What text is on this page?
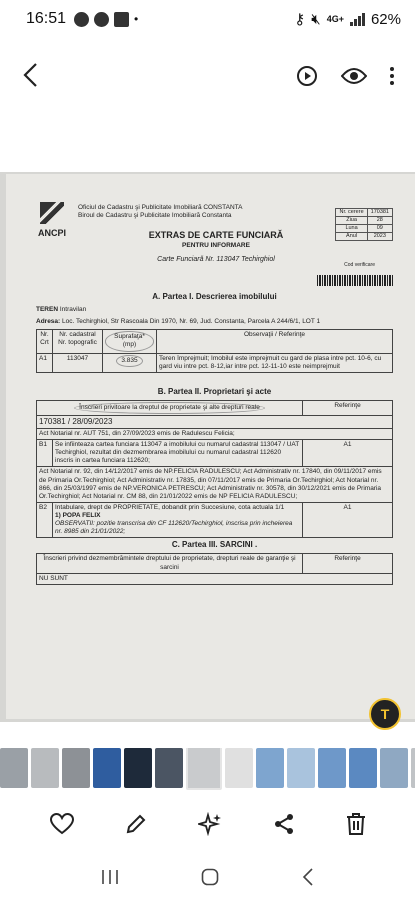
16:51	•	⚷ 🔇︎ 4G+ 62%
ANCPI
Oficiul de Cadastru şi Publicitate Imobiliară CONSTANTA
Biroul de Cadastru şi Publicitate Imobiliară Constanta
EXTRAS DE CARTE FUNCIARĂ
PENTRU INFORMARE
Carte Funciară Nr. 113047 Techirghiol
Nr. cerere	170381
Ziua	28
Luna	09
Anul	2023
Cod verificare
A. Partea I. Descrierea imobilului
TEREN Intravilan
Adresa: Loc. Techirghiol, Str Rascoala Din 1970, Nr. 69, Jud. Constanta, Parcela A 244/6/1, LOT 1
Nr. Crt	Nr. cadastral Nr. topografic	Suprafaţa* (mp)	Observaţii / Referinţe
A1	113047	3.835	Teren împrejmuit; Imobilul este imprejmuit cu gard de plasa intre pct. 10-6, cu gard viu intre pct. 8-12,iar intre pct. 12-11-10 este neimprejmuit
B. Partea II. Proprietari şi acte
Înscrieri privitoare la dreptul de proprietate şi alte drepturi reale		Referinţe
170381 / 28/09/2023		
Act Notarial nr. AUT 751, din 27/09/2023 emis de Radulescu Felicia;		
B1	Se infiinteaza cartea funciara 113047 a imobilului cu numarul cadastral 113047 / UAT Techirghiol, rezultat din dezmembrarea imobilului cu numarul cadastral 112620 inscris in cartea funciara 112620;	A1
Act Notarial nr. 92, din 14/12/2017 emis de NP.FELICIA RADULESCU; Act Administrativ nr. 17840, din 09/11/2017 emis de Primaria Or.Techirghiol; Act Administrativ nr. 17835, din 07/11/2017 emis de Primaria Or.Techirghiol; Act Notarial nr. 866, din 25/03/1997 emis de NP.VERONICA PETRESCU; Act Administrativ nr. 30578, din 30/12/2021 emis de Primaria Or.Techirghiol; Act Notarial nr. CM 88, din 21/01/2022 emis de NP FELICIA RADULESCU;		
B2	Intabulare, drept de PROPRIETATE, dobandit prin Succesiune, cota actuala 1/1
1) POPA FELIX
OBSERVATII: pozitie transcrisa din CF 112620/Techirghiol, inscrisa prin incheierea nr. 8985 din 21/01/2022;	A1
C. Partea III. SARCINI .
Înscrieri privind dezmembrămintele dreptului de proprietate, drepturi reale de garanţie şi sarcini	Referinţe
NU SUNT
T
